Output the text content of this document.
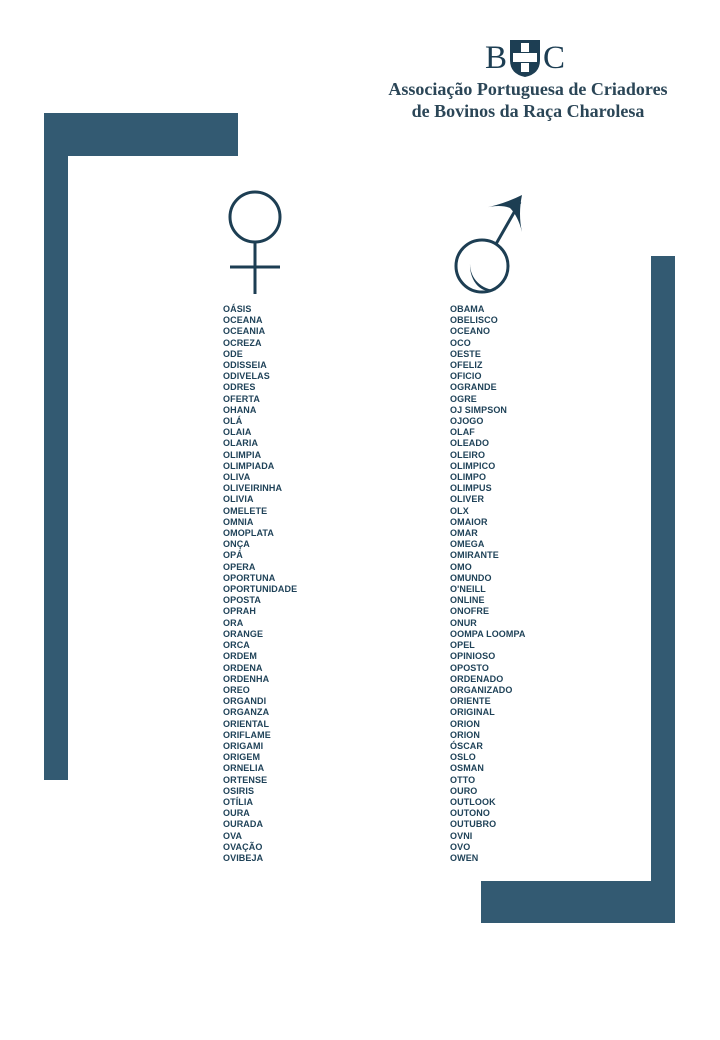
B C
Associação Portuguesa de Criadores
de Bovinos da Raça Charolesa
OÁSIS
OCEANA
OCEANIA
OCREZA
ODE
ODISSEIA
ODIVELAS
ODRES
OFERTA
OHANA
OLÁ
OLAIA
OLARIA
OLIMPIA
OLIMPIADA
OLIVA
OLIVEIRINHA
OLIVIA
OMELETE
OMNIA
OMOPLATA
ONÇA
OPÁ
OPERA
OPORTUNA
OPORTUNIDADE
OPOSTA
OPRAH
ORA
ORANGE
ORCA
ORDEM
ORDENA
ORDENHA
OREO
ORGANDI
ORGANZA
ORIENTAL
ORIFLAME
ORIGAMI
ORIGEM
ORNELIA
ORTENSE
OSIRIS
OTÍLIA
OURA
OURADA
OVA
OVAÇÃO
OVIBEJA
OBAMA
OBELISCO
OCEANO
OCO
OESTE
OFELIZ
OFICIO
OGRANDE
OGRE
OJ SIMPSON
OJOGO
OLAF
OLEADO
OLEIRO
OLIMPICO
OLIMPO
OLIMPUS
OLIVER
OLX
OMAIOR
OMAR
OMEGA
OMIRANTE
OMO
OMUNDO
O'NEILL
ONLINE
ONOFRE
ONUR
OOMPA LOOMPA
OPEL
OPINIOSO
OPOSTO
ORDENADO
ORGANIZADO
ORIENTE
ORIGINAL
ORION
ORION
ÓSCAR
OSLO
OSMAN
OTTO
OURO
OUTLOOK
OUTONO
OUTUBRO
OVNI
OVO
OWEN
